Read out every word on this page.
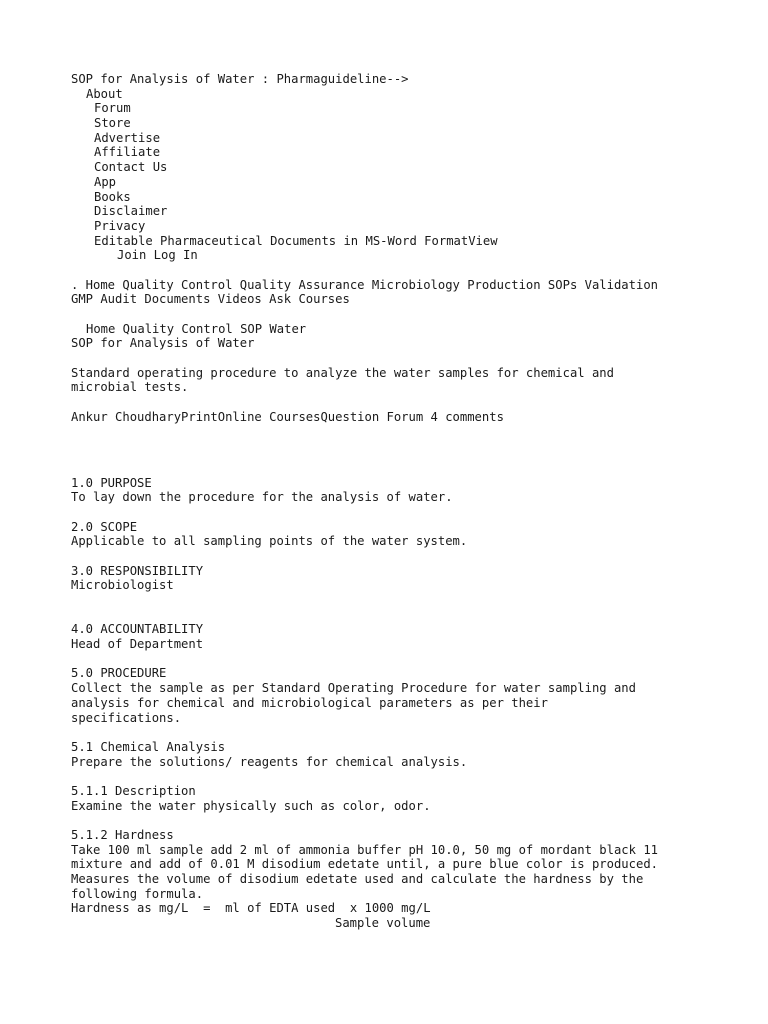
SOP for Analysis of Water : Pharmaguideline-->
About
Forum
Store
Advertise
Affiliate
Contact Us
App
Books
Disclaimer
Privacy
Editable Pharmaceutical Documents in MS-Word FormatView
Join Log In
. Home Quality Control Quality Assurance Microbiology Production SOPs Validation
GMP Audit Documents Videos Ask Courses
Home Quality Control SOP Water
SOP for Analysis of Water
Standard operating procedure to analyze the water samples for chemical and
microbial tests.
Ankur ChoudharyPrintOnline CoursesQuestion Forum 4 comments
1.0 PURPOSE
To lay down the procedure for the analysis of water.
2.0 SCOPE
Applicable to all sampling points of the water system.
3.0 RESPONSIBILITY
Microbiologist
4.0 ACCOUNTABILITY
Head of Department
5.0 PROCEDURE
Collect the sample as per Standard Operating Procedure for water sampling and
analysis for chemical and microbiological parameters as per their
specifications.
5.1 Chemical Analysis
Prepare the solutions/ reagents for chemical analysis.
5.1.1 Description
Examine the water physically such as color, odor.
5.1.2 Hardness
Take 100 ml sample add 2 ml of ammonia buffer pH 10.0, 50 mg of mordant black 11
mixture and add of 0.01 M disodium edetate until, a pure blue color is produced.
Measures the volume of disodium edetate used and calculate the hardness by the
following formula.
Hardness as mg/L  =  ml of EDTA used  x 1000 mg/L
Sample volume
